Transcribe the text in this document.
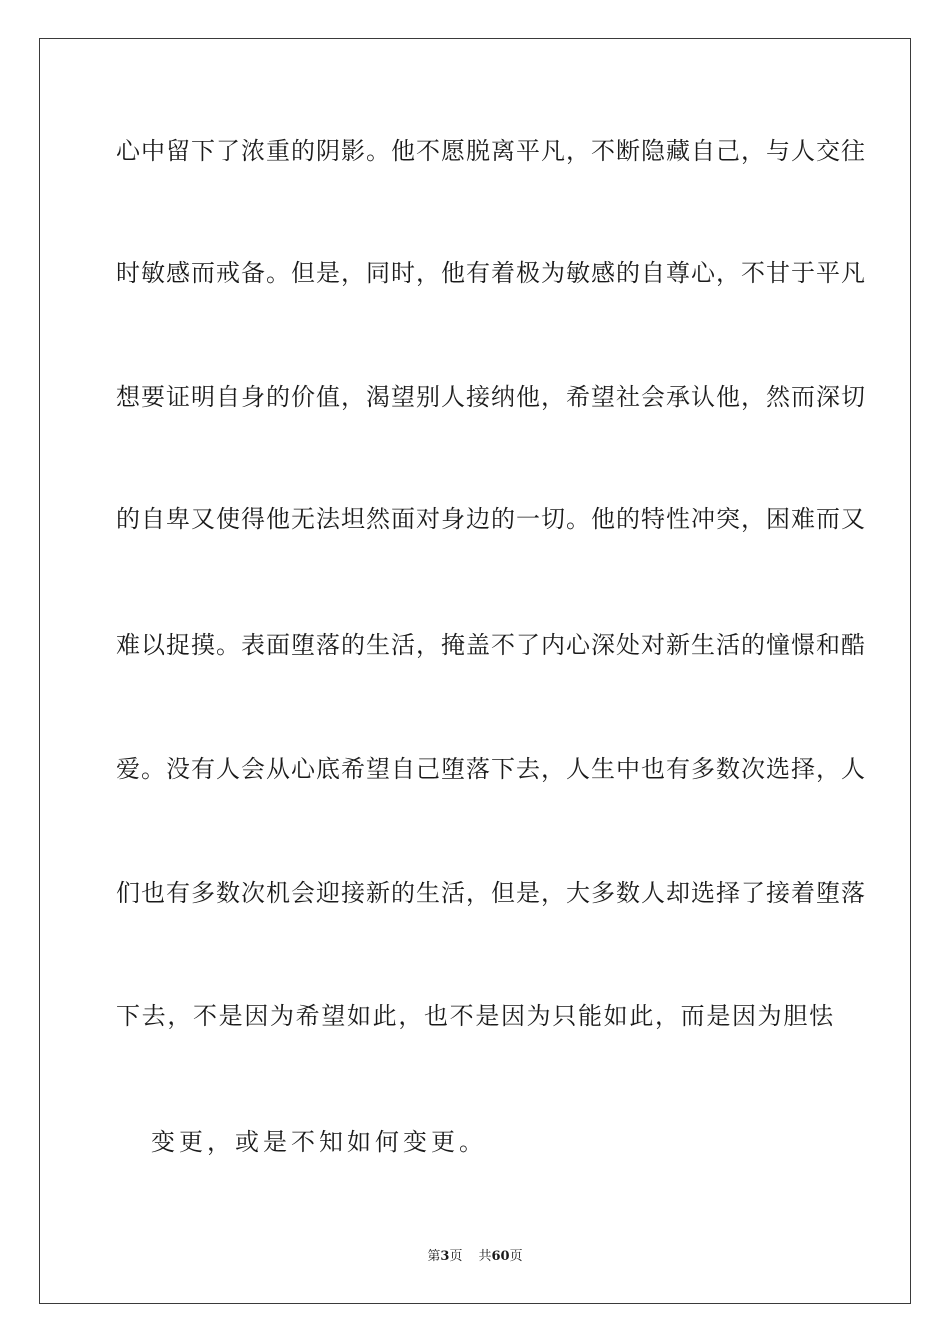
心中留下了浓重的阴影。他不愿脱离平凡，不断隐藏自己，与人交往
时敏感而戒备。但是，同时，他有着极为敏感的自尊心，不甘于平凡
想要证明自身的价值，渴望别人接纳他，希望社会承认他，然而深切
的自卑又使得他无法坦然面对身边的一切。他的特性冲突，困难而又
难以捉摸。表面堕落的生活，掩盖不了内心深处对新生活的憧憬和酷
爱。没有人会从心底希望自己堕落下去，人生中也有多数次选择，人
们也有多数次机会迎接新的生活，但是，大多数人却选择了接着堕落
下去，不是因为希望如此，也不是因为只能如此，而是因为胆怯
变更，或是不知如何变更。
第3页 共60页
